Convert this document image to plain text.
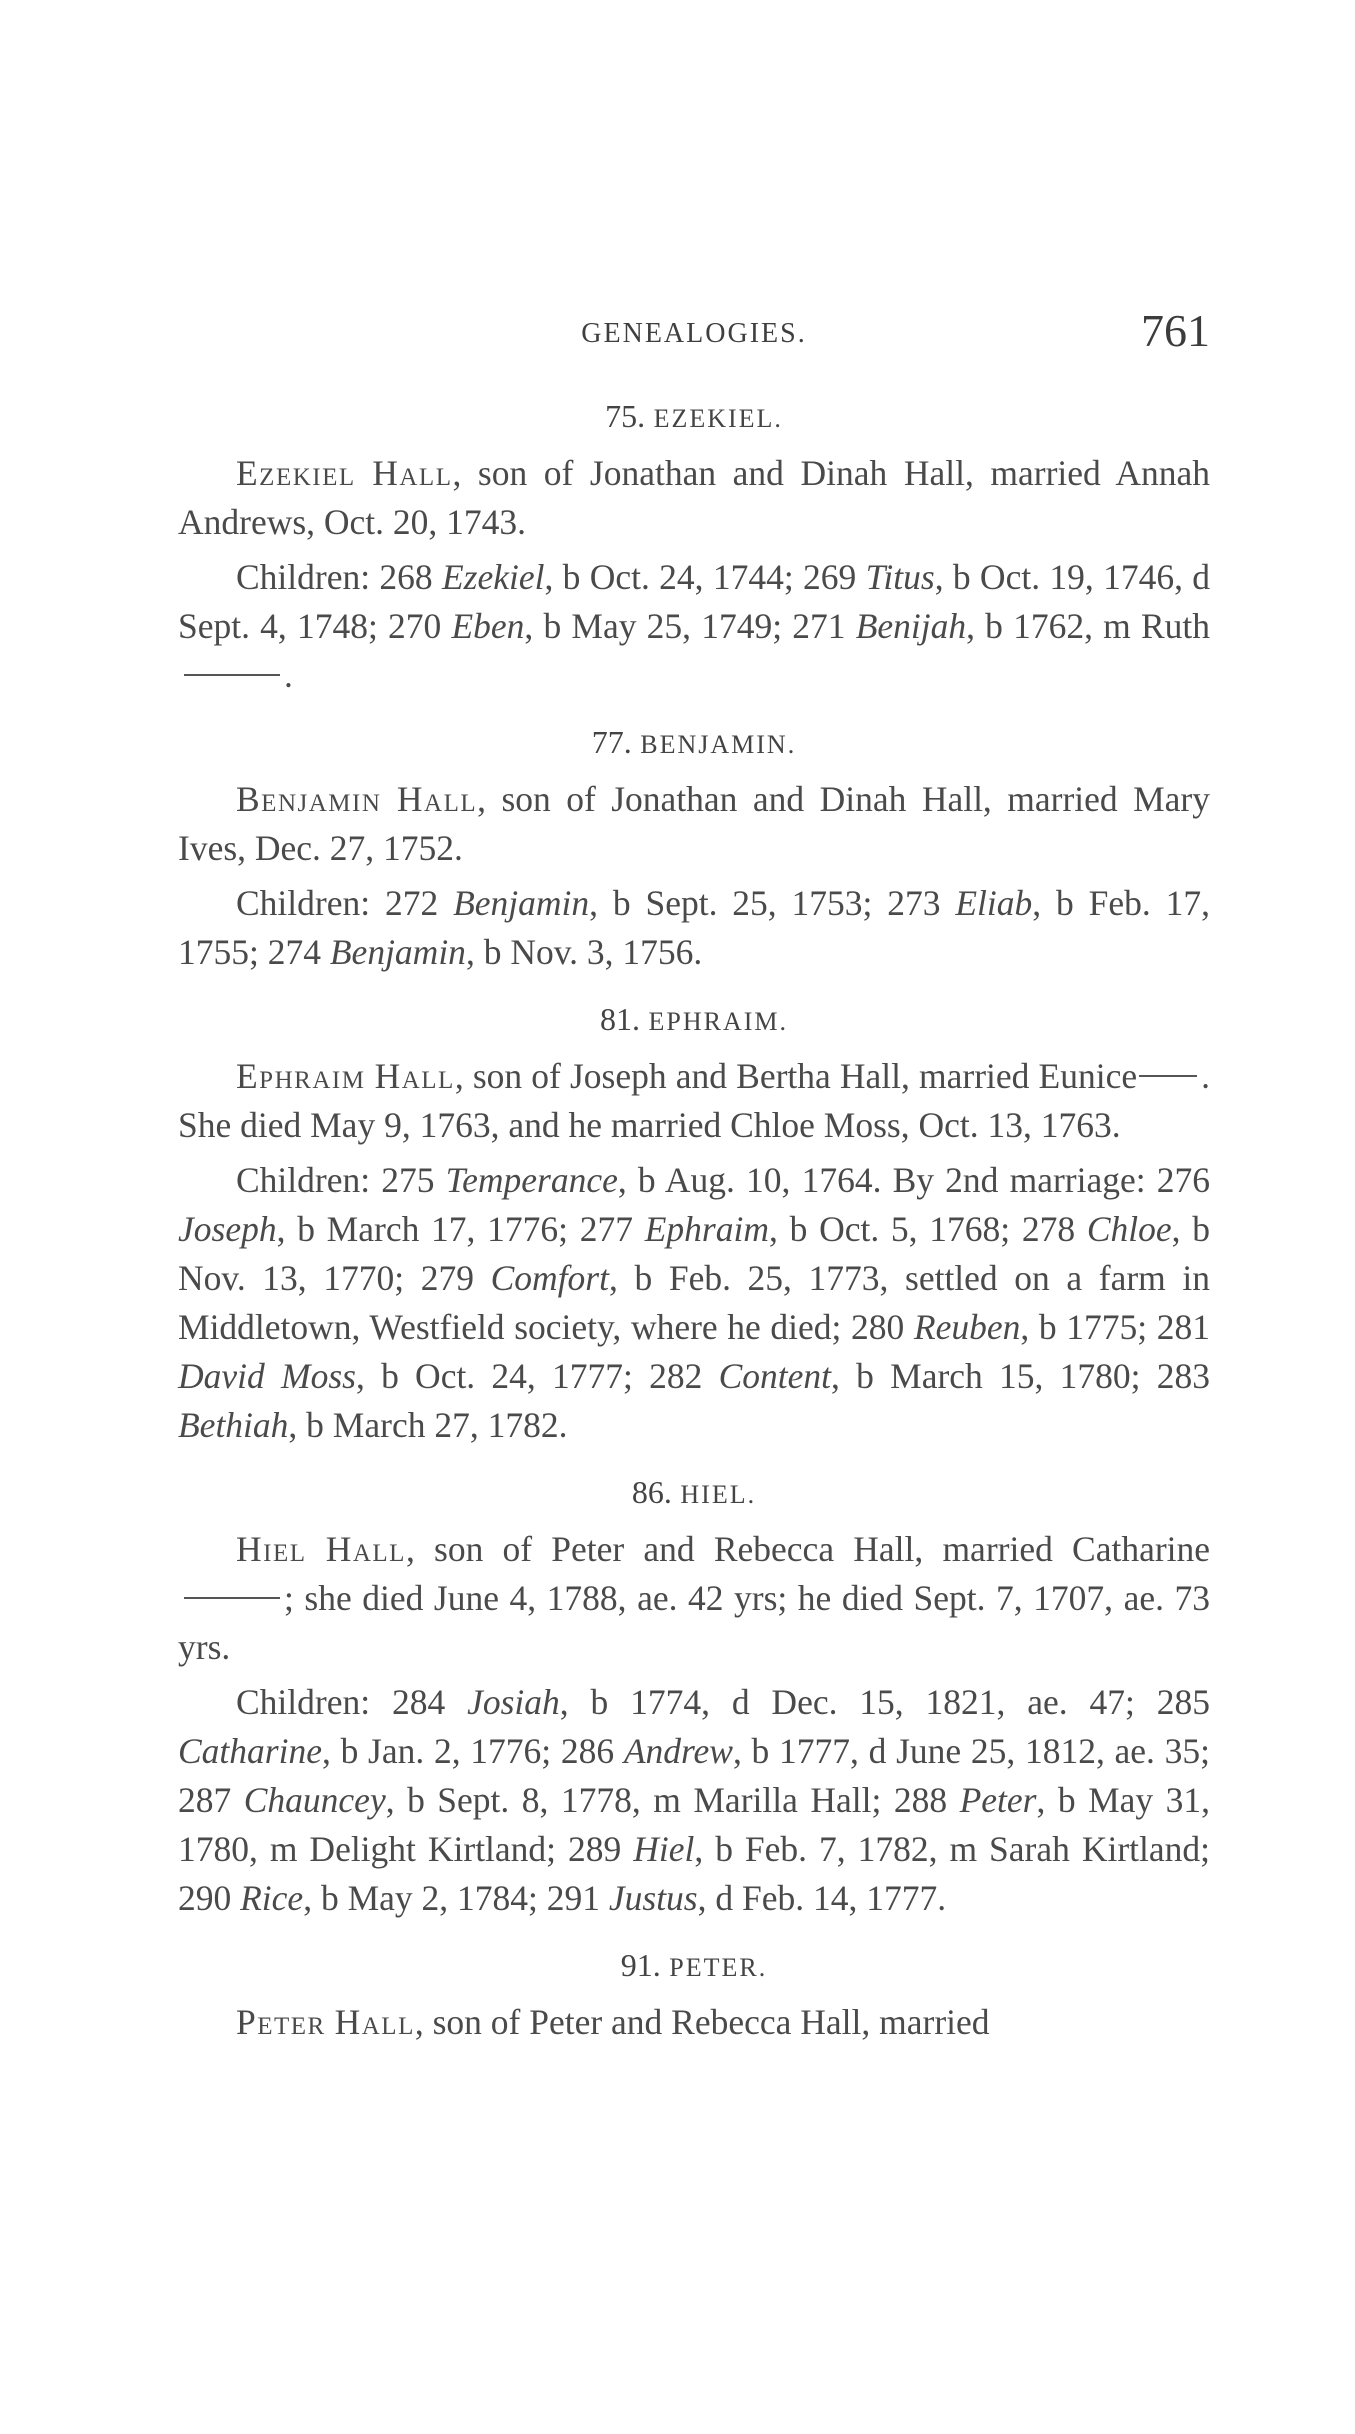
GENEALOGIES.	761
75. EZEKIEL.

Ezekiel Hall, son of Jonathan and Dinah Hall, married Annah Andrews, Oct. 20, 1743.

Children: 268 Ezekiel, b Oct. 24, 1744; 269 Titus, b Oct. 19, 1746, d Sept. 4, 1748; 270 Eben, b May 25, 1749; 271 Benijah, b 1762, m Ruth .

77. BENJAMIN.

Benjamin Hall, son of Jonathan and Dinah Hall, married Mary Ives, Dec. 27, 1752.

Children: 272 Benjamin, b Sept. 25, 1753; 273 Eliab, b Feb. 17, 1755; 274 Benjamin, b Nov. 3, 1756.

81. EPHRAIM.

Ephraim Hall, son of Joseph and Bertha Hall, married Eunice . She died May 9, 1763, and he married Chloe Moss, Oct. 13, 1763.

Children: 275 Temperance, b Aug. 10, 1764. By 2nd marriage: 276 Joseph, b March 17, 1776; 277 Ephraim, b Oct. 5, 1768; 278 Chloe, b Nov. 13, 1770; 279 Comfort, b Feb. 25, 1773, settled on a farm in Middletown, Westfield society, where he died; 280 Reuben, b 1775; 281 David Moss, b Oct. 24, 1777; 282 Content, b March 15, 1780; 283 Bethiah, b March 27, 1782.

86. HIEL.

Hiel Hall, son of Peter and Rebecca Hall, married Catharine ; she died June 4, 1788, ae. 42 yrs; he died Sept. 7, 1707, ae. 73 yrs.

Children: 284 Josiah, b 1774, d Dec. 15, 1821, ae. 47; 285 Catharine, b Jan. 2, 1776; 286 Andrew, b 1777, d June 25, 1812, ae. 35; 287 Chauncey, b Sept. 8, 1778, m Marilla Hall; 288 Peter, b May 31, 1780, m Delight Kirtland; 289 Hiel, b Feb. 7, 1782, m Sarah Kirtland; 290 Rice, b May 2, 1784; 291 Justus, d Feb. 14, 1777.

91. PETER.

Peter Hall, son of Peter and Rebecca Hall, married
